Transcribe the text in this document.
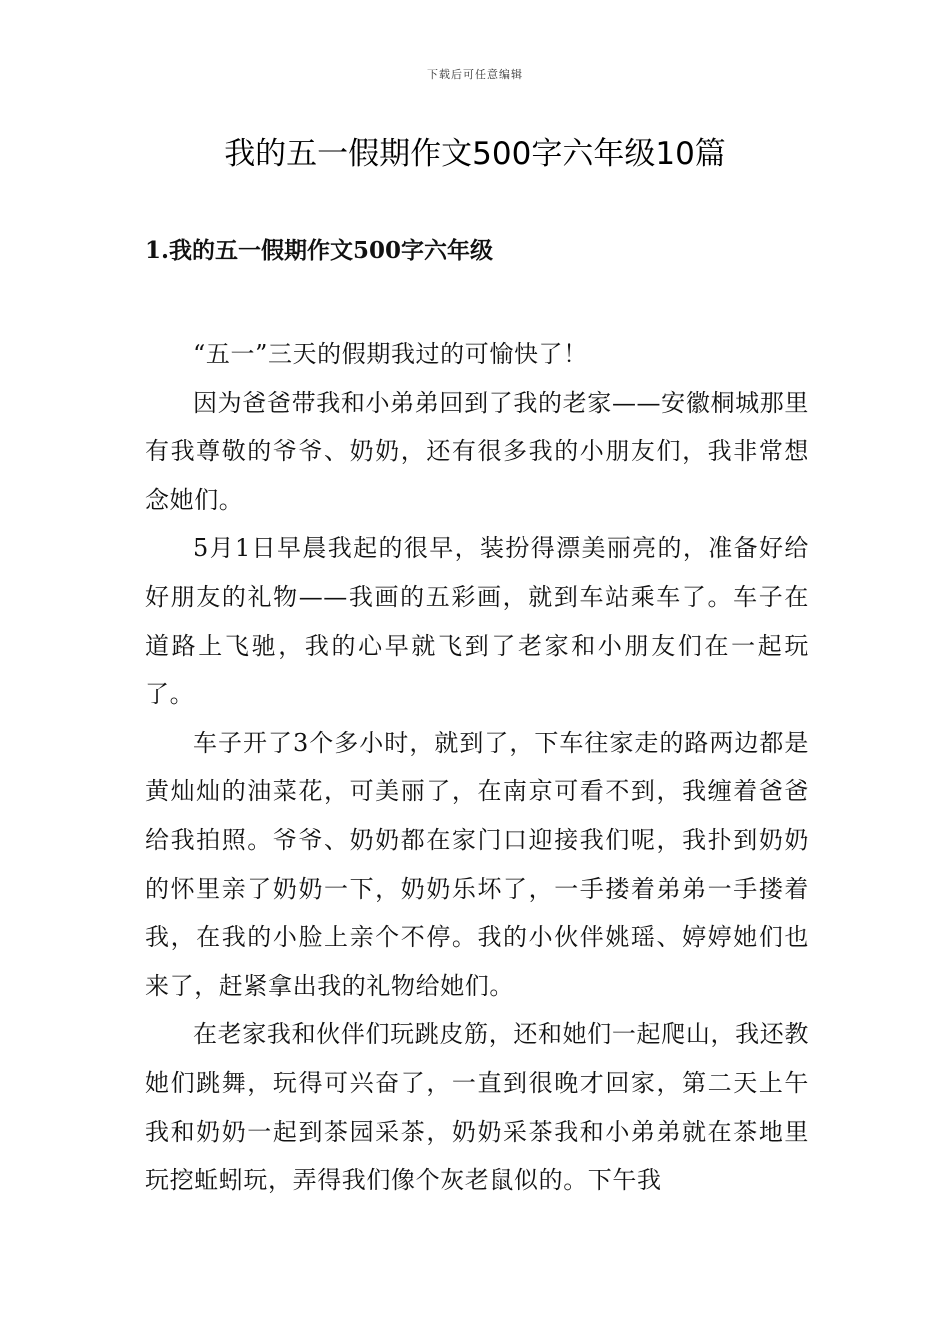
下载后可任意编辑
我的五一假期作文500字六年级10篇
1.我的五一假期作文500字六年级

“五一”三天的假期我过的可愉快了！

因为爸爸带我和小弟弟回到了我的老家——安徽桐城那里有我尊敬的爷爷、奶奶，还有很多我的小朋友们，我非常想念她们。

5月1日早晨我起的很早，装扮得漂美丽亮的，准备好给好朋友的礼物——我画的五彩画，就到车站乘车了。车子在道路上飞驰，我的心早就飞到了老家和小朋友们在一起玩了。

车子开了3个多小时，就到了，下车往家走的路两边都是黄灿灿的油菜花，可美丽了，在南京可看不到，我缠着爸爸给我拍照。爷爷、奶奶都在家门口迎接我们呢，我扑到奶奶的怀里亲了奶奶一下，奶奶乐坏了，一手搂着弟弟一手搂着我，在我的小脸上亲个不停。我的小伙伴姚瑶、婷婷她们也来了，赶紧拿出我的礼物给她们。

在老家我和伙伴们玩跳皮筋，还和她们一起爬山，我还教她们跳舞，玩得可兴奋了，一直到很晚才回家，第二天上午我和奶奶一起到茶园采茶，奶奶采茶我和小弟弟就在茶地里玩挖蚯蚓玩，弄得我们像个灰老鼠似的。下午我
